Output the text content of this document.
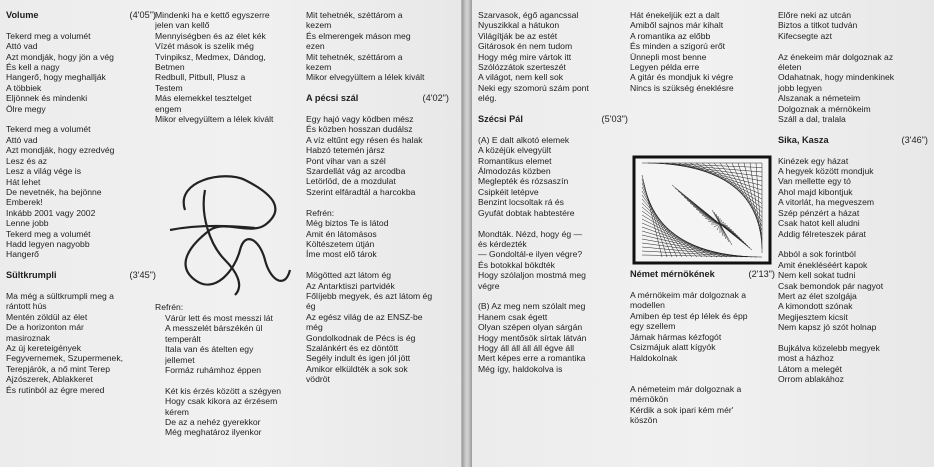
Volume	(4'05")

Tekerd meg a volumét
Attó vad
Azt mondják, hogy jön a vég
És kell a nagy
Hangerő, hogy meghallják
A többiek
Eljönnek és mindenki
Ölre megy

Tekerd meg a volumét
Attó vad
Azt mondják, hogy ezredvég
Lesz és az
Lesz a világ vége is
Hát lehet
De nevetnék, ha bejönne
Emberek!
Inkább 2001 vagy 2002
Lenne jobb
Tekerd meg a volumét
Hadd legyen nagyobb
Hangerő
Sültkrumpli	(3'45")

Ma még a sültkrumpli meg a
rántott hús
Mentén zöldül az élet
De a horizonton már
masiroznak
Az új kereteigények
Fegyvernemek, Szupermenek,
Terepjárók, a nő mint Terep
Ajzószerek, Ablakkeret
És rutinból az égre mered
Mindenki ha e kettő egyszerre
jelen van kellő
Mennyiségben és az élet kék
Vízét mások is szelik még
Tvinpiksz, Medmex, Dándog,
Betmen
Redbull, Pitbull, Plusz a
Testem
Más elemekkel tesztelget
engem
Mikor elvegyültem a lélek kivált
Refrén:
Várúr lett és most messzi lát
A messzelét bárszékén ül
temperált
Itala van és átelten egy
jellemet
Formáz ruhámhoz éppen

Két kis érzés között a szégyen
Hogy csak kikora az érzésem
kérem
De az a nehéz gyerekkor
Még meghatároz ilyenkor
Mit tehetnék, széttárom a
kezem
És elmerengek máson meg
ezen
Mit tehetnék, széttárom a
kezem
Mikor elvegyültem a lélek kivált
A pécsi szál	(4'02")

Egy hajó vagy ködben mész
És közben hosszan dudálsz
A víz eltűnt egy résen és halak
Habzó tetemén jársz
Pont vihar van a szél
Szardellát vág az arcodba
Letörlöd, de a mozdulat
Szerint elfáradtál a harcokba

Refrén:
Még biztos Te is látod
Amit én látomásos
Költészetem útján
Íme most elő tárok

Mögötted azt látom ég
Az Antarktiszi partvidék
Főlíjebb megyek, és azt látom ég
ég
Az egész világ de az ENSZ-be
még
Gondolkodnak de Pécs is ég
Szalánkért és ez döntött
Segély indult és igen jól jött
Amikor elküldték a sok sok
vödröt
Szarvasok, égő agancssal
Nyuszikkal a hátukon
Világítják be az estét
Gitárosok én nem tudom
Hogy még mire vártok itt
Szólózzátok szerteszét
A világot, nem kell sok
Neki egy szomorú szám pont
elég.
Szécsi Pál	(5'03")

(A) E dalt alkotó elemek
A közéjük elvegyült
Romantikus elemet
Álmodozás közben
Meglepték és rózsaszín
Csipkéit letépve
Benzint locsoltak rá és
Gyufát dobtak habtestére

Mondták. Nézd, hogy ég —
és kérdezték
— Gondoltál-e ilyen végre?
És botokkal bökdték
Hogy szólaljon mostmá meg
végre

(B) Az meg nem szólalt meg
Hanem csak égett
Olyan szépen olyan sárgán
Hogy mentősök sírtak látván
Hogy áll áll áll áll égve áll
Mert képes erre a romantika
Még így, haldokolva is
Hát énekeljük ezt a dalt
Amiből sajnos már kihalt
A romantika az előbb
És minden a szigorú erőt
Ünnepli most benne
Legyen példa erre
A gitár és mondjuk ki végre
Nincs is szükség éneklésre
Német mérnökének	(2'13")

A mérnökeim már dolgoznak a
modellen
Amiben ép test ép lélek és épp
egy szellem
Jámak hármas kézfogót
Csizmájuk alatt kígyók
Haldokolnak

A németeim már dolgoznak a
mérnökön
Kérdik a sok ipari kém mér'
köszön
Előre neki az utcán
Biztos a titkot tudván
Kifecsegte azt

Az énekeim már dolgoznak az
életen
Odahatnak, hogy mindenkinek
jobb legyen
Alszanak a németeim
Dolgoznak a mérnökeim
Száll a dal, tralala
Sika, Kasza	(3'46")

Kinézek egy házat
A hegyek között mondjuk
Van mellette egy tó
Ahol majd kibontjuk
A vitorlát, ha megveszem
Szép pénzért a házat
Csak hatot kell aludni
Addig félreteszek párat

Abból a sok forintból
Amit énekléséért kapok
Nem kell sokat tudni
Csak bemondok pár nagyot
Mert az élet szolgája
A kimondott szónak
Megijesztem kicsit
Nem kapsz jó szót holnap

Bujkálva közelebb megyek
most a házhoz
Látom a melegét
Orrom ablakához
